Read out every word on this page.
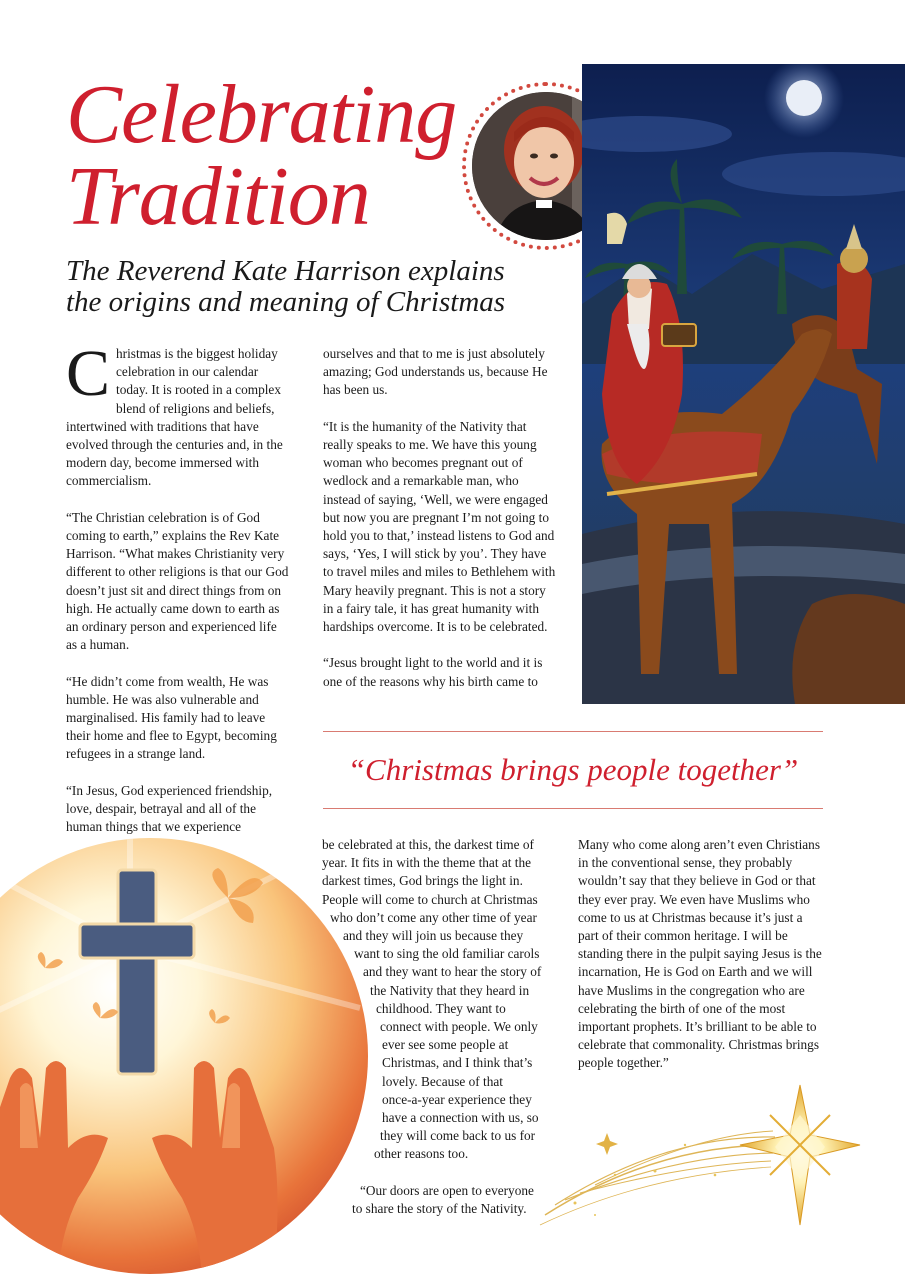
Celebrating
Tradition
The Reverend Kate Harrison explains
the origins and meaning of Christmas

Christmas is the biggest holiday celebration in our calendar today. It is rooted in a complex blend of religions and beliefs, intertwined with traditions that have evolved through the centuries and, in the modern day, become immersed with commercialism.

“The Christian celebration is of God coming to earth,” explains the Rev Kate Harrison. “What makes Christianity very different to other religions is that our God doesn’t just sit and direct things from on high. He actually came down to earth as an ordinary person and experienced life as a human.

“He didn’t come from wealth, He was humble. He was also vulnerable and marginalised. His family had to leave their home and flee to Egypt, becoming refugees in a strange land.

“In Jesus, God experienced friendship, love, despair, betrayal and all of the human things that we experience

ourselves and that to me is just absolutely amazing; God understands us, because He has been us.

“It is the humanity of the Nativity that really speaks to me. We have this young woman who becomes pregnant out of wedlock and a remarkable man, who instead of saying, ‘Well, we were engaged but now you are pregnant I’m not going to hold you to that,’ instead listens to God and says, ‘Yes, I will stick by you’. They have to travel miles and miles to Bethlehem with Mary heavily pregnant. This is not a story in a fairy tale, it has great humanity with hardships overcome. It is to be celebrated.

“Jesus brought light to the world and it is one of the reasons why his birth came to

“Christmas brings people together”
be celebrated at this, the darkest time of
year. It fits in with the theme that at the
darkest times, God brings the light in.
People will come to church at Christmas
who don’t come any other time of year
and they will join us because they
want to sing the old familiar carols
and they want to hear the story of
the Nativity that they heard in
childhood. They want to
connect with people. We only
ever see some people at
Christmas, and I think that’s
lovely. Because of that
once-a-year experience they
have a connection with us, so
they will come back to us for
other reasons too.
“Our doors are open to everyone
to share the story of the Nativity.

Many who come along aren’t even Christians in the conventional sense, they probably wouldn’t say that they believe in God or that they ever pray. We even have Muslims who come to us at Christmas because it’s just a part of their common heritage. I will be standing there in the pulpit saying Jesus is the incarnation, He is God on Earth and we will have Muslims in the congregation who are celebrating the birth of one of the most important prophets. It’s brilliant to be able to celebrate that commonality. Christmas brings people together.”
